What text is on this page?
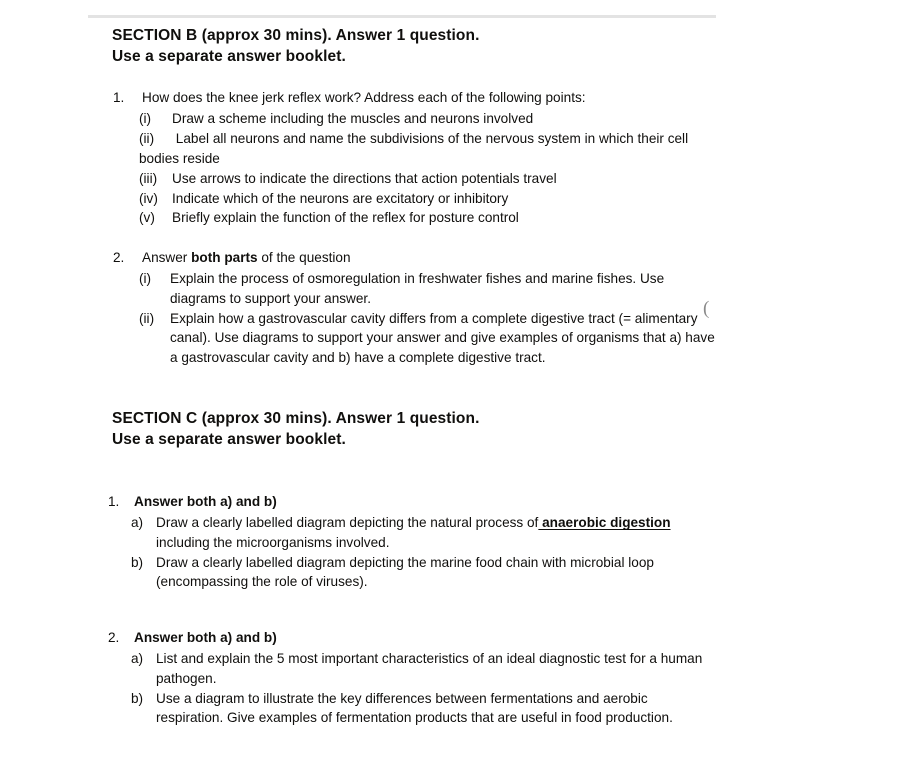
SECTION B (approx 30 mins). Answer 1 question.
Use a separate answer booklet.
1.	How does the knee jerk reflex work? Address each of the following points:
(i)	Draw a scheme including the muscles and neurons involved
(ii) Label all neurons and name the subdivisions of the nervous system in which their cell bodies reside
(iii)	Use arrows to indicate the directions that action potentials travel
(iv)	Indicate which of the neurons are excitatory or inhibitory
(v)	Briefly explain the function of the reflex for posture control
2.	Answer both parts of the question
(i)	Explain the process of osmoregulation in freshwater fishes and marine fishes. Use diagrams to support your answer.
(ii)	Explain how a gastrovascular cavity differs from a complete digestive tract (= alimentary canal). Use diagrams to support your answer and give examples of organisms that a) have a gastrovascular cavity and b) have a complete digestive tract.
(
SECTION C (approx 30 mins). Answer 1 question.
Use a separate answer booklet.
1.	Answer both a) and b)
a) Draw a clearly labelled diagram depicting the natural process of anaerobic digestion including the microorganisms involved.
b) Draw a clearly labelled diagram depicting the marine food chain with microbial loop (encompassing the role of viruses).
2.	Answer both a) and b)
a) List and explain the 5 most important characteristics of an ideal diagnostic test for a human pathogen.
b) Use a diagram to illustrate the key differences between fermentations and aerobic respiration. Give examples of fermentation products that are useful in food production.
